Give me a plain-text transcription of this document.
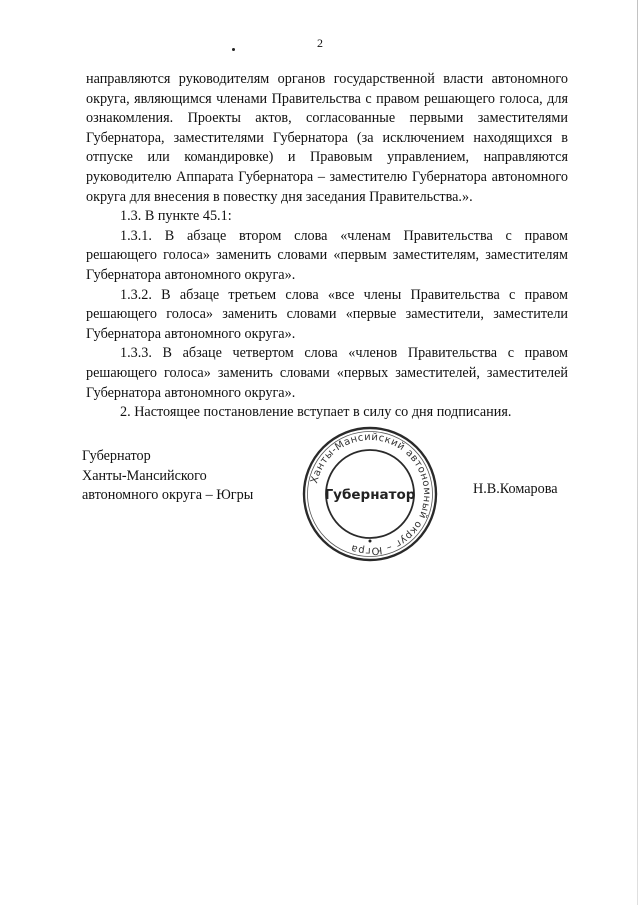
2

направляются руководителям органов государственной власти автономного округа, являющимся членами Правительства с правом решающего голоса, для ознакомления. Проекты актов, согласованные первыми заместителями Губернатора, заместителями Губернатора (за исключением находящихся в отпуске или командировке) и Правовым управлением, направляются руководителю Аппарата Губернатора – заместителю Губернатора автономного округа для внесения в повестку дня заседания Правительства.».

1.3. В пункте 45.1:

1.3.1. В абзаце втором слова «членам Правительства с правом решающего голоса» заменить словами «первым заместителям, заместителям Губернатора автономного округа».

1.3.2. В абзаце третьем слова «все члены Правительства с правом решающего голоса» заменить словами «первые заместители, заместители Губернатора автономного округа».

1.3.3. В абзаце четвертом слова «членов Правительства с правом решающего голоса» заменить словами «первых заместителей, заместителей Губернатора автономного округа».

2. Настоящее постановление вступает в силу со дня подписания.

Губернатор
Ханты-Мансийского
автономного округа – Югры
Ханты-Мансийский автономный округ – Югра
Губернатор	Н.В.Комарова
